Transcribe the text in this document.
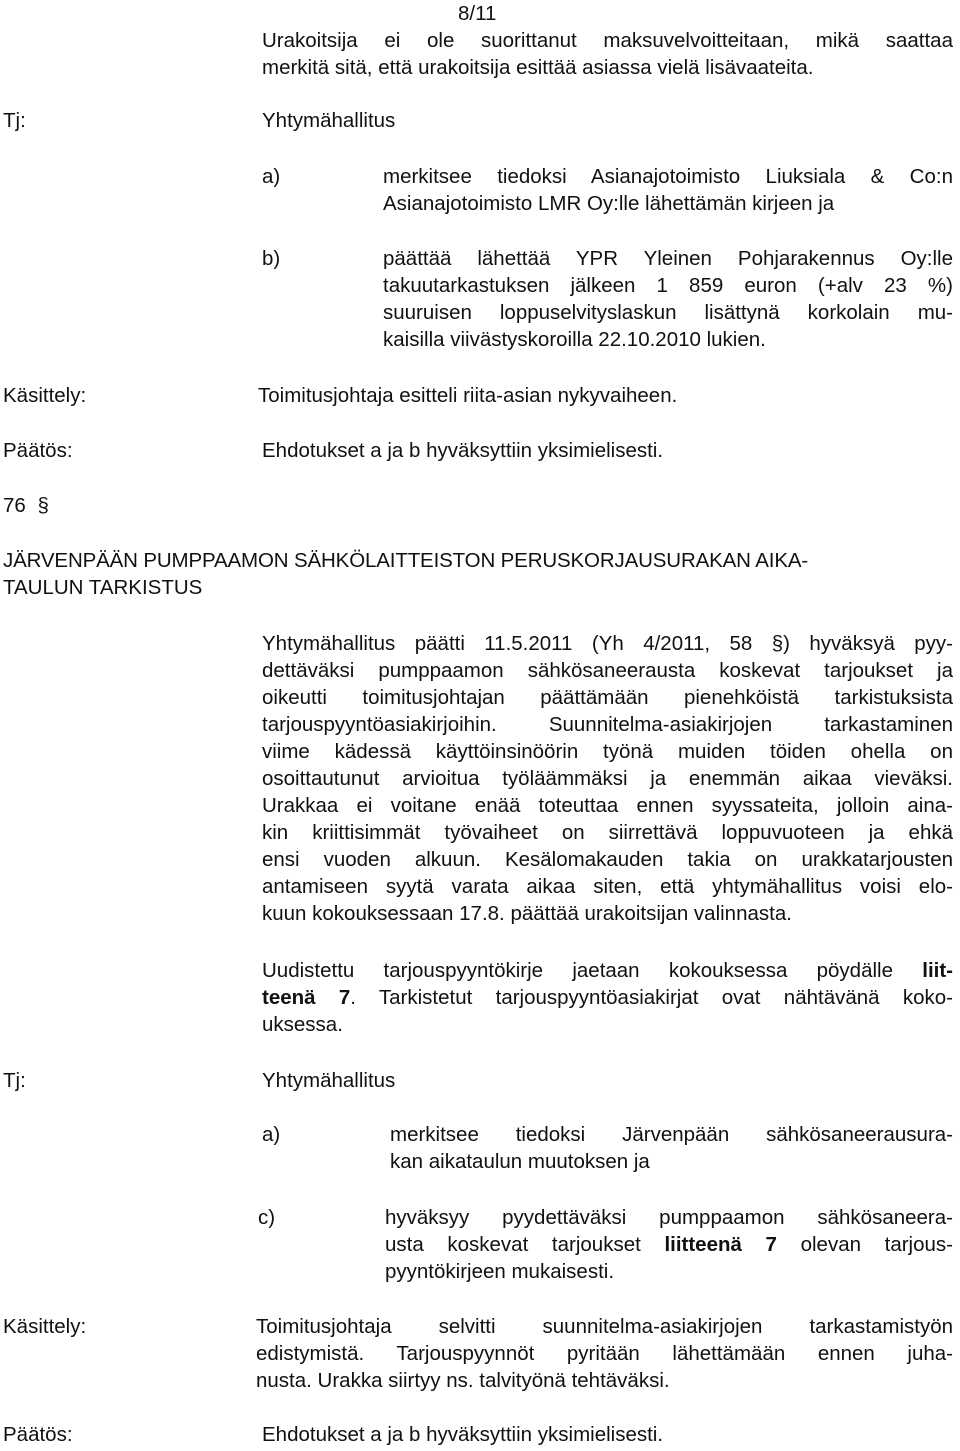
8/11
Urakoitsija ei ole suorittanut maksuvelvoitteitaan, mikä saattaa
merkitä sitä, että urakoitsija esittää asiassa vielä lisävaateita.
Tj:	Yhtymähallitus
a)	merkitsee tiedoksi Asianajotoimisto Liuksiala & Co:n
Asianajotoimisto LMR Oy:lle lähettämän kirjeen ja
b)	päättää lähettää YPR Yleinen Pohjarakennus Oy:lle
takuutarkastuksen jälkeen 1 859 euron (+alv 23 %)
suuruisen loppuselvityslaskun lisättynä korkolain mu-
kaisilla viivästyskoroilla 22.10.2010 lukien.
Käsittely:	Toimitusjohtaja esitteli riita-asian nykyvaiheen.
Päätös:	Ehdotukset a ja b hyväksyttiin yksimielisesti.
76 §
JÄRVENPÄÄN PUMPPAAMON SÄHKÖLAITTEISTON PERUSKORJAUSURAKAN AIKA-
TAULUN TARKISTUS
Yhtymähallitus päätti 11.5.2011 (Yh 4/2011, 58 §) hyväksyä pyy-
dettäväksi pumppaamon sähkösaneerausta koskevat tarjoukset ja
oikeutti toimitusjohtajan päättämään pienehköistä tarkistuksista
tarjouspyyntöasiakirjoihin. Suunnitelma-asiakirjojen tarkastaminen
viime kädessä käyttöinsinöörin työnä muiden töiden ohella on
osoittautunut arvioitua työläämmäksi ja enemmän aikaa vieväksi.
Urakkaa ei voitane enää toteuttaa ennen syyssateita, jolloin aina-
kin kriittisimmät työvaiheet on siirrettävä loppuvuoteen ja ehkä
ensi vuoden alkuun. Kesälomakauden takia on urakkatarjousten
antamiseen syytä varata aikaa siten, että yhtymähallitus voisi elo-
kuun kokouksessaan 17.8. päättää urakoitsijan valinnasta.
Uudistettu tarjouspyyntökirje jaetaan kokouksessa pöydälle liit-
teenä 7. Tarkistetut tarjouspyyntöasiakirjat ovat nähtävänä koko-
uksessa.
Tj:	Yhtymähallitus
a)	merkitsee tiedoksi Järvenpään sähkösaneerausura-
kan aikataulun muutoksen ja
c)	hyväksyy pyydettäväksi pumppaamon sähkösaneera-
usta koskevat tarjoukset liitteenä 7 olevan tarjous-
pyyntökirjeen mukaisesti.
Käsittely:	Toimitusjohtaja selvitti suunnitelma-asiakirjojen tarkastamistyön
edistymistä. Tarjouspyynnöt pyritään lähettämään ennen juha-
nusta. Urakka siirtyy ns. talvityönä tehtäväksi.
Päätös:	Ehdotukset a ja b hyväksyttiin yksimielisesti.
